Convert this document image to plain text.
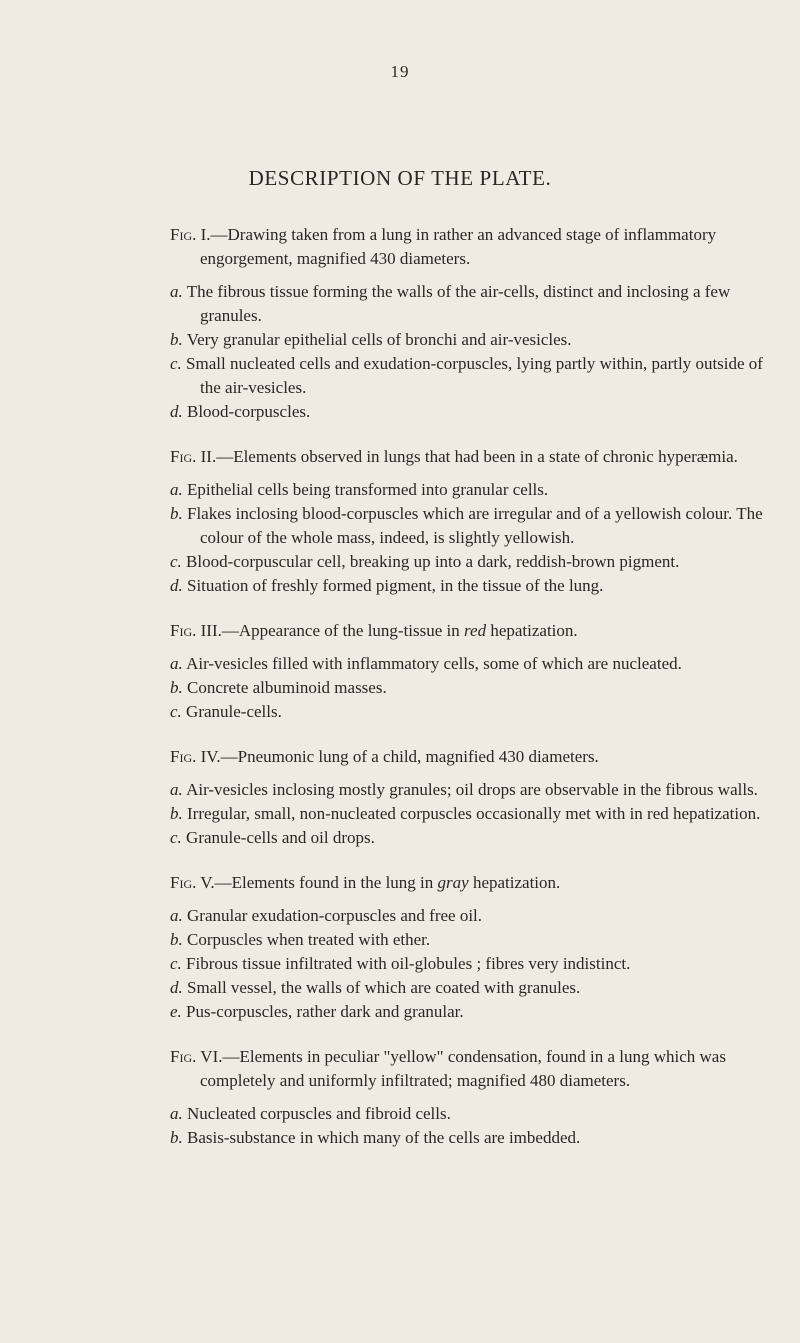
19
DESCRIPTION OF THE PLATE.
Fig. I.—Drawing taken from a lung in rather an advanced stage of inflammatory engorgement, magnified 430 diameters.
a. The fibrous tissue forming the walls of the air-cells, distinct and inclosing a few granules.
b. Very granular epithelial cells of bronchi and air-vesicles.
c. Small nucleated cells and exudation-corpuscles, lying partly within, partly outside of the air-vesicles.
d. Blood-corpuscles.
Fig. II.—Elements observed in lungs that had been in a state of chronic hyperæmia.
a. Epithelial cells being transformed into granular cells.
b. Flakes inclosing blood-corpuscles which are irregular and of a yellowish colour. The colour of the whole mass, indeed, is slightly yellowish.
c. Blood-corpuscular cell, breaking up into a dark, reddish-brown pigment.
d. Situation of freshly formed pigment, in the tissue of the lung.
Fig. III.—Appearance of the lung-tissue in red hepatization.
a. Air-vesicles filled with inflammatory cells, some of which are nucleated.
b. Concrete albuminoid masses.
c. Granule-cells.
Fig. IV.—Pneumonic lung of a child, magnified 430 diameters.
a. Air-vesicles inclosing mostly granules; oil drops are observable in the fibrous walls.
b. Irregular, small, non-nucleated corpuscles occasionally met with in red hepatization.
c. Granule-cells and oil drops.
Fig. V.—Elements found in the lung in gray hepatization.
a. Granular exudation-corpuscles and free oil.
b. Corpuscles when treated with ether.
c. Fibrous tissue infiltrated with oil-globules ; fibres very indistinct.
d. Small vessel, the walls of which are coated with granules.
e. Pus-corpuscles, rather dark and granular.
Fig. VI.—Elements in peculiar "yellow" condensation, found in a lung which was completely and uniformly infiltrated; magnified 480 diameters.
a. Nucleated corpuscles and fibroid cells.
b. Basis-substance in which many of the cells are imbedded.
